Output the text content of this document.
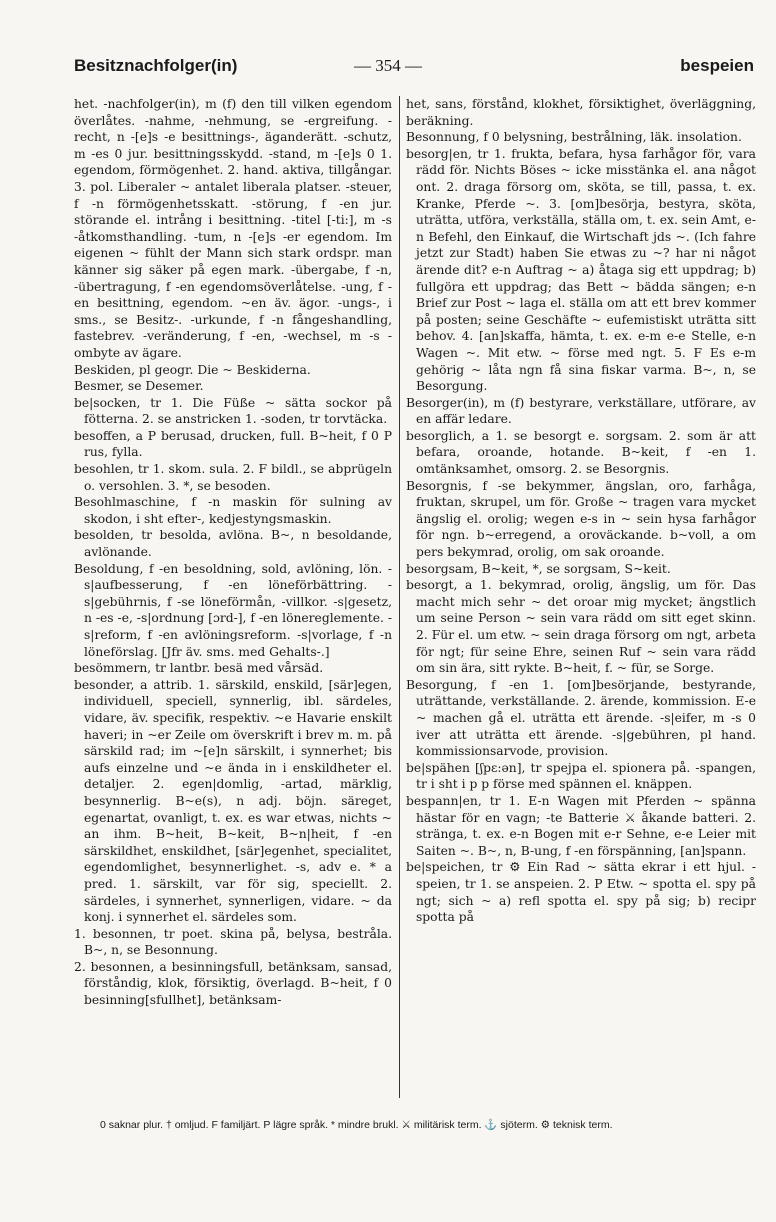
Besitznachfolger(in)	— 354 —	bespeien

het. -nachfolger(in), m (f) den till vilken egendom överlåtes. -nahme, -nehmung, se -ergreifung. -recht, n -[e]s -e besittnings-, äganderätt. -schutz, m -es 0 jur. besittningsskydd. -stand, m -[e]s 0 1. egendom, förmögenhet. 2. hand. aktiva, tillgångar. 3. pol. Liberaler ~ antalet liberala platser. -steuer, f -n förmögenhetsskatt. -störung, f -en jur. störande el. intrång i besittning. -titel [-ti:], m -s -åtkomsthandling. -tum, n -[e]s -er egendom. Im eigenen ~ fühlt der Mann sich stark ordspr. man känner sig säker på egen mark. -übergabe, f -n, -übertragung, f -en egendomsöverlåtelse. -ung, f -en besittning, egendom. ~en äv. ägor. -ungs-, i sms., se Besitz-. -urkunde, f -n fångeshandling, fastebrev. -veränderung, f -en, -wechsel, m -s -ombyte av ägare.

Beskiden, pl geogr. Die ~ Beskiderna.

Besmer, se Desemer.

be|socken, tr 1. Die Füße ~ sätta sockor på fötterna. 2. se anstricken 1. -soden, tr torvtäcka.

besoffen, a P berusad, drucken, full. B~heit, f 0 P rus, fylla.

besohlen, tr 1. skom. sula. 2. F bildl., se abprügeln o. versohlen. 3. *, se besoden.

Besohlmaschine, f -n maskin för sulning av skodon, i sht efter-, kedjestyngsmaskin.

besolden, tr besolda, avlöna. B~, n besoldande, avlönande.

Besoldung, f -en besoldning, sold, avlöning, lön. -s|aufbesserung, f -en löneförbättring. -s|gebührnis, f -se löneförmån, -villkor. -s|gesetz, n -es -e, -s|ordnung [ɔrd-], f -en lönereglemente. -s|reform, f -en avlöningsreform. -s|vorlage, f -n löneförslag. [Jfr äv. sms. med Gehalts-.]

besömmern, tr lantbr. besä med vårsäd.

besonder, a attrib. 1. särskild, enskild, [sär]egen, individuell, speciell, synnerlig, ibl. särdeles, vidare, äv. specifik, respektiv. ~e Havarie enskilt haveri; in ~er Zeile om överskrift i brev m. m. på särskild rad; im ~[e]n särskilt, i synnerhet; bis aufs einzelne und ~e ända in i enskildheter el. detaljer. 2. egen|domlig, -artad, märklig, besynnerlig. B~e(s), n adj. böjn. säreget, egenartat, ovanligt, t. ex. es war etwas, nichts ~ an ihm. B~heit, B~keit, B~n|heit, f -en särskildhet, enskildhet, [sär]egenhet, specialitet, egendomlighet, besynnerlighet. -s, adv e. * a pred. 1. särskilt, var för sig, speciellt. 2. särdeles, i synnerhet, synnerligen, vidare. ~ da konj. i synnerhet el. särdeles som.

1. besonnen, tr poet. skina på, belysa, bestråla. B~, n, se Besonnung.

2. besonnen, a besinningsfull, betänksam, sansad, förståndig, klok, försiktig, överlagd. B~heit, f 0 besinning[sfullhet], betänksam-

het, sans, förstånd, klokhet, försiktighet, överläggning, beräkning.

Besonnung, f 0 belysning, bestrålning, läk. insolation.

besorg|en, tr 1. frukta, befara, hysa farhågor för, vara rädd för. Nichts Böses ~ icke misstänka el. ana något ont. 2. draga försorg om, sköta, se till, passa, t. ex. Kranke, Pferde ~. 3. [om]besörja, bestyra, sköta, uträtta, utföra, verkställa, ställa om, t. ex. sein Amt, e-n Befehl, den Einkauf, die Wirtschaft jds ~. (Ich fahre jetzt zur Stadt) haben Sie etwas zu ~? har ni något ärende dit? e-n Auftrag ~ a) åtaga sig ett uppdrag; b) fullgöra ett uppdrag; das Bett ~ bädda sängen; e-n Brief zur Post ~ laga el. ställa om att ett brev kommer på posten; seine Geschäfte ~ eufemistiskt uträtta sitt behov. 4. [an]skaffa, hämta, t. ex. e-m e-e Stelle, e-n Wagen ~. Mit etw. ~ förse med ngt. 5. F Es e-m gehörig ~ låta ngn få sina fiskar varma. B~, n, se Besorgung.

Besorger(in), m (f) bestyrare, verkställare, utförare, av en affär ledare.

besorglich, a 1. se besorgt e. sorgsam. 2. som är att befara, oroande, hotande. B~keit, f -en 1. omtänksamhet, omsorg. 2. se Besorgnis.

Besorgnis, f -se bekymmer, ängslan, oro, farhåga, fruktan, skrupel, um för. Große ~ tragen vara mycket ängslig el. orolig; wegen e-s in ~ sein hysa farhågor för ngn. b~erregend, a oroväckande. b~voll, a om pers bekymrad, orolig, om sak oroande.

besorgsam, B~keit, *, se sorgsam, S~keit.

besorgt, a 1. bekymrad, orolig, ängslig, um för. Das macht mich sehr ~ det oroar mig mycket; ängstlich um seine Person ~ sein vara rädd om sitt eget skinn. 2. Für el. um etw. ~ sein draga försorg om ngt, arbeta för ngt; für seine Ehre, seinen Ruf ~ sein vara rädd om sin ära, sitt rykte. B~heit, f. ~ für, se Sorge.

Besorgung, f -en 1. [om]besörjande, bestyrande, uträttande, verkställande. 2. ärende, kommission. E-e ~ machen gå el. uträtta ett ärende. -s|eifer, m -s 0 iver att uträtta ett ärende. -s|gebühren, pl hand. kommissionsarvode, provision.

be|spähen [ʃpɛ:ən], tr spejpa el. spionera på. -spangen, tr i sht i p p förse med spännen el. knäppen.

bespann|en, tr 1. E-n Wagen mit Pferden ~ spänna hästar för en vagn; -te Batterie ⚔ åkande batteri. 2. stränga, t. ex. e-n Bogen mit e-r Sehne, e-e Leier mit Saiten ~. B~, n, B-ung, f -en förspänning, [an]spann.

be|speichen, tr ⚙ Ein Rad ~ sätta ekrar i ett hjul. -speien, tr 1. se anspeien. 2. P Etw. ~ spotta el. spy på ngt; sich ~ a) refl spotta el. spy på sig; b) recipr spotta på

0 saknar plur. † omljud. F familjärt. P lägre språk. * mindre brukl. ⚔ militärisk term. ⚓ sjöterm. ⚙ teknisk term.
